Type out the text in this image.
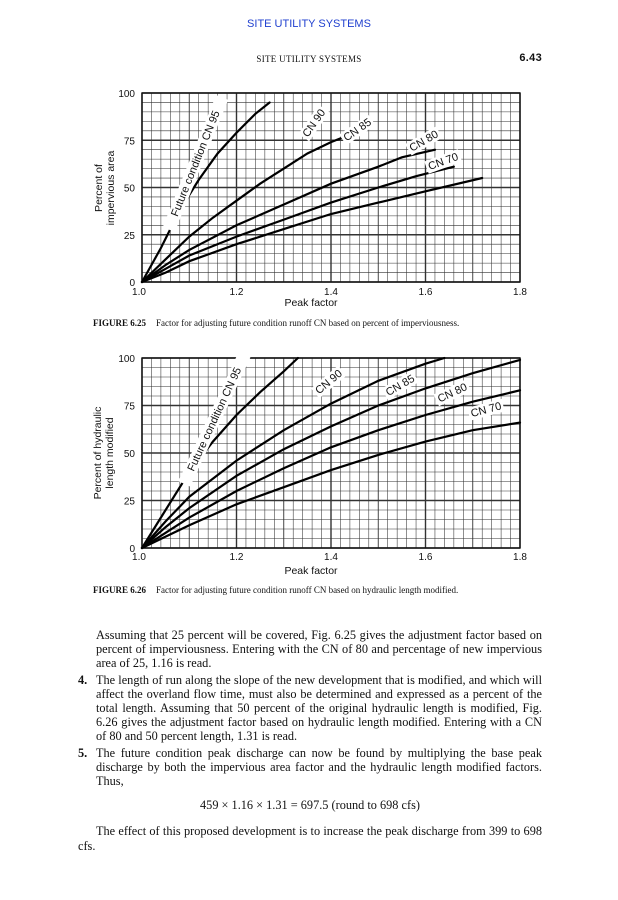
SITE UTILITY SYSTEMS
SITE UTILITY SYSTEMS	6.43
1.0	1.2	1.4	1.6	1.8
0
25
50
75
100
Peak factor
Percent of impervious area	Future condition CN 95	CN 90 CN 85	CN 80
CN 70
FIGURE 6.25 Factor for adjusting future condition runoff CN based on percent of imperviousness.
1.0	1.2	1.4	1.6	1.8
0
25
50
75
100
Peak factor
Percent of hydraulic length modified	Future condition CN 95	CN 90	CN 85 CN 80
CN 70
FIGURE 6.26 Factor for adjusting future condition runoff CN based on hydraulic length modified.
Assuming that 25 percent will be covered, Fig. 6.25 gives the adjustment factor based on percent of imperviousness. Entering with the CN of 80 and percentage of new impervious area of 25, 1.16 is read.
4. The length of run along the slope of the new development that is modified, and which will affect the overland flow time, must also be determined and expressed as a percent of the total length. Assuming that 50 percent of the original hydraulic length is modified, Fig. 6.26 gives the adjustment factor based on hydraulic length modified. Entering with a CN of 80 and 50 percent length, 1.31 is read.
5. The future condition peak discharge can now be found by multiplying the base peak discharge by both the impervious area factor and the hydraulic length modified factors. Thus,
459 × 1.16 × 1.31 = 697.5 (round to 698 cfs)
The effect of this proposed development is to increase the peak discharge from 399 to 698 cfs.
